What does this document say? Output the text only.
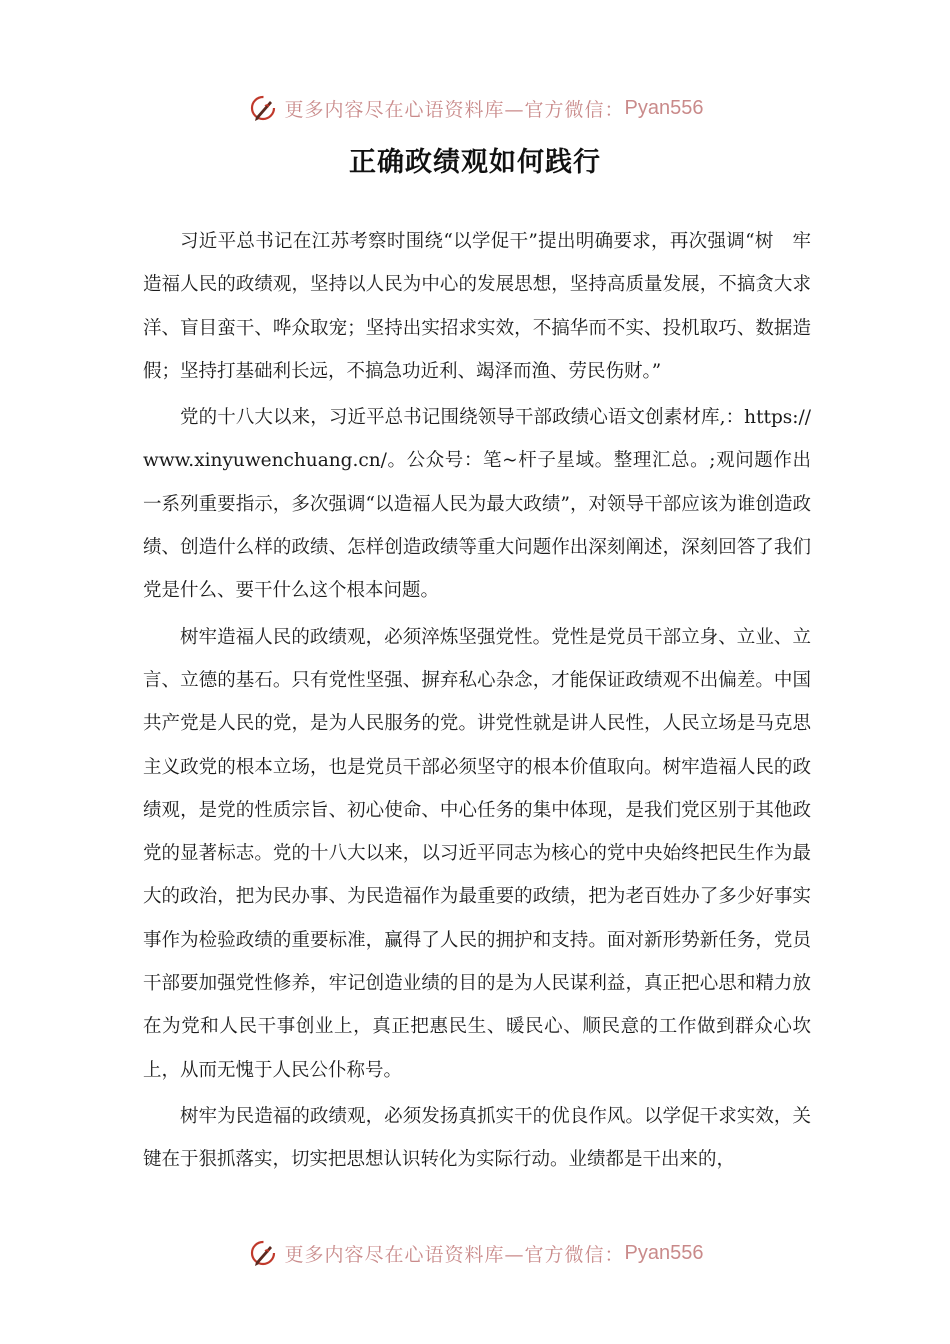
更多内容尽在心语资料库—官方微信： Pyan556
正确政绩观如何践行

习近平总书记在江苏考察时围绕“以学促干”提出明确要求，再次强调“树　牢造福人民的政绩观，坚持以人民为中心的发展思想，坚持高质量发展，不搞贪大求洋、盲目蛮干、哗众取宠；坚持出实招求实效，不搞华而不实、投机取巧、数据造假；坚持打基础利长远，不搞急功近利、竭泽而渔、劳民伤财。”

党的十八大以来，习近平总书记围绕领导干部政绩心语文创素材库,：https://www.xinyuwenchuang.cn/。公众号：笔~杆子星域。整理汇总。;观问题作出一系列重要指示，多次强调“以造福人民为最大政绩”，对领导干部应该为谁创造政绩、创造什么样的政绩、怎样创造政绩等重大问题作出深刻阐述，深刻回答了我们党是什么、要干什么这个根本问题。

树牢造福人民的政绩观，必须淬炼坚强党性。党性是党员干部立身、立业、立言、立德的基石。只有党性坚强、摒弃私心杂念，才能保证政绩观不出偏差。中国共产党是人民的党，是为人民服务的党。讲党性就是讲人民性，人民立场是马克思主义政党的根本立场，也是党员干部必须坚守的根本价值取向。树牢造福人民的政绩观，是党的性质宗旨、初心使命、中心任务的集中体现，是我们党区别于其他政党的显著标志。党的十八大以来，以习近平同志为核心的党中央始终把民生作为最大的政治，把为民办事、为民造福作为最重要的政绩，把为老百姓办了多少好事实事作为检验政绩的重要标准，赢得了人民的拥护和支持。面对新形势新任务，党员干部要加强党性修养，牢记创造业绩的目的是为人民谋利益，真正把心思和精力放在为党和人民干事创业上，真正把惠民生、暖民心、顺民意的工作做到群众心坎上，从而无愧于人民公仆称号。

树牢为民造福的政绩观，必须发扬真抓实干的优良作风。以学促干求实效，关键在于狠抓落实，切实把思想认识转化为实际行动。业绩都是干出来的，

更多内容尽在心语资料库—官方微信： Pyan556
